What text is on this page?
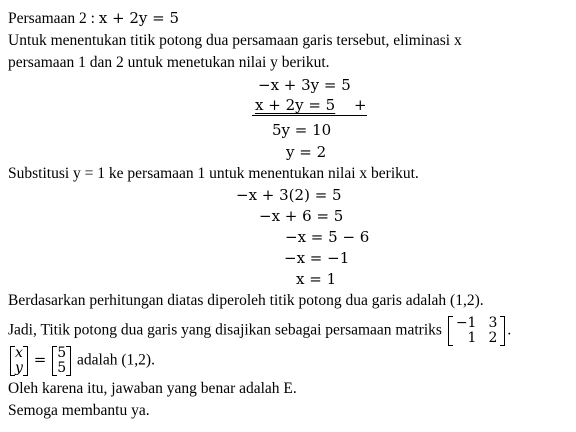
Persamaan 2 : x + 2y = 5
Untuk menentukan titik potong dua persamaan garis tersebut, eliminasi x
persamaan 1 dan 2 untuk menetukan nilai y berikut.
−x + 3y = 5
x + 2y = 5 +
5y = 10
y = 2
Substitusi y = 1 ke persamaan 1 untuk menentukan nilai x berikut.
−x + 3(2) = 5
−x + 6 = 5
−x = 5 − 6
−x = −1
x = 1
Berdasarkan perhitungan diatas diperoleh titik potong dua garis adalah (1,2).
Jadi, Titik potong dua garis yang disajikan sebagai persamaan matriks −1	3
1	2 .
x
y = 5
5 adalah (1,2).
Oleh karena itu, jawaban yang benar adalah E.
Semoga membantu ya.
